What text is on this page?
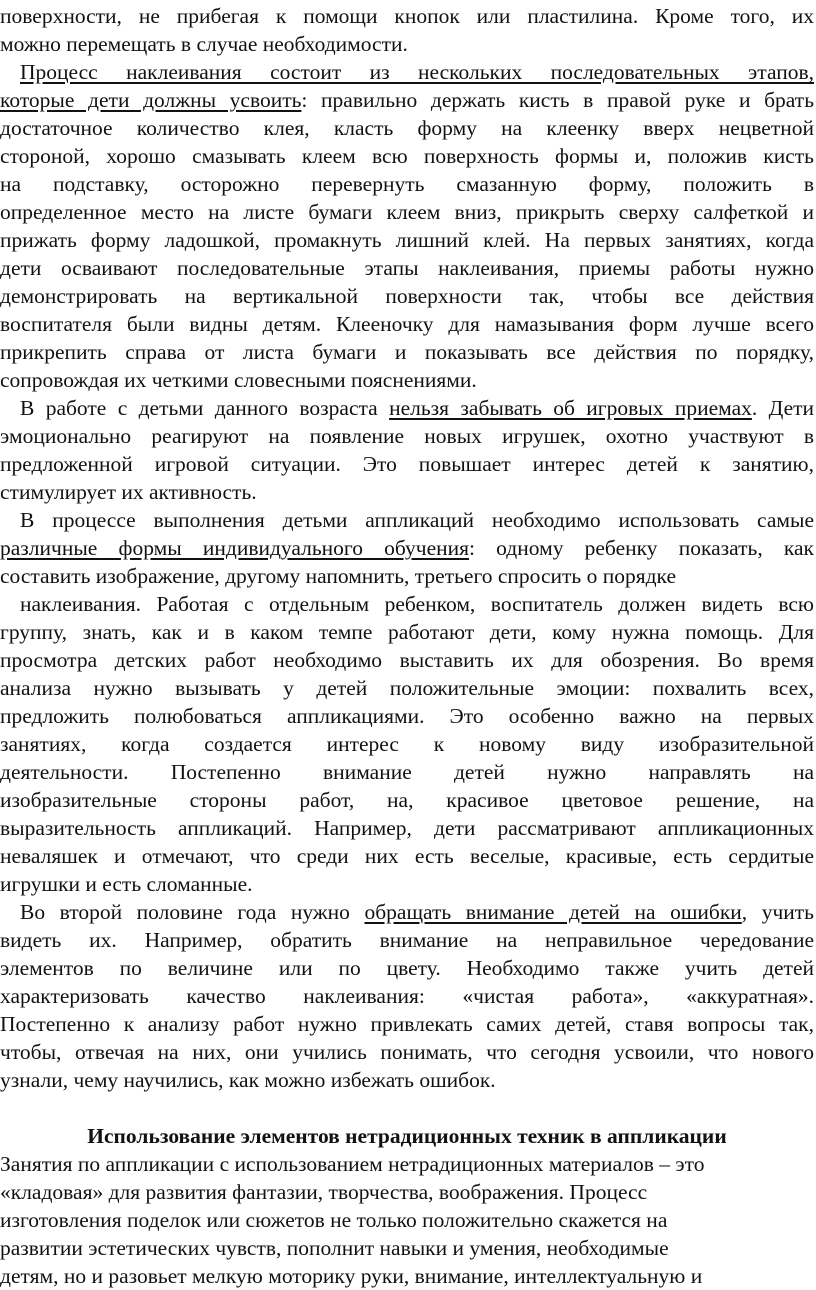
поверхности, не прибегая к помощи кнопок или пластилина. Кроме того, их
можно перемещать в случае необходимости.
Процесс наклеивания состоит из нескольких последовательных этапов,
которые дети должны усвоить: правильно держать кисть в правой руке и брать
достаточное количество клея, класть форму на клеенку вверх нецветной
стороной, хорошо смазывать клеем всю поверхность формы и, положив кисть
на подставку, осторожно перевернуть смазанную форму, положить в
определенное место на листе бумаги клеем вниз, прикрыть сверху салфеткой и
прижать форму ладошкой, промакнуть лишний клей. На первых занятиях, когда
дети осваивают последовательные этапы наклеивания, приемы работы нужно
демонстрировать на вертикальной поверхности так, чтобы все действия
воспитателя были видны детям. Клееночку для намазывания форм лучше всего
прикрепить справа от листа бумаги и показывать все действия по порядку,
сопровождая их четкими словесными пояснениями.
В работе с детьми данного возраста нельзя забывать об игровых приемах. Дети
эмоционально реагируют на появление новых игрушек, охотно участвуют в
предложенной игровой ситуации. Это повышает интерес детей к занятию,
стимулирует их активность.
В процессе выполнения детьми аппликаций необходимо использовать самые
различные формы индивидуального обучения: одному ребенку показать, как
составить изображение, другому напомнить, третьего спросить о порядке
наклеивания. Работая с отдельным ребенком, воспитатель должен видеть всю
группу, знать, как и в каком темпе работают дети, кому нужна помощь. Для
просмотра детских работ необходимо выставить их для обозрения. Во время
анализа нужно вызывать у детей положительные эмоции: похвалить всех,
предложить полюбоваться аппликациями. Это особенно важно на первых
занятиях, когда создается интерес к новому виду изобразительной
деятельности. Постепенно внимание детей нужно направлять на
изобразительные стороны работ, на, красивое цветовое решение, на
выразительность аппликаций. Например, дети рассматривают аппликационных
неваляшек и отмечают, что среди них есть веселые, красивые, есть сердитые
игрушки и есть сломанные.
Во второй половине года нужно обращать внимание детей на ошибки, учить
видеть их. Например, обратить внимание на неправильное чередование
элементов по величине или по цвету. Необходимо также учить детей
характеризовать качество наклеивания: «чистая работа», «аккуратная».
Постепенно к анализу работ нужно привлекать самих детей, ставя вопросы так,
чтобы, отвечая на них, они учились понимать, что сегодня усвоили, что нового
узнали, чему научились, как можно избежать ошибок.
Использование элементов нетрадиционных техник в аппликации
Занятия по аппликации с использованием нетрадиционных материалов – это
«кладовая» для развития фантазии, творчества, воображения. Процесс
изготовления поделок или сюжетов не только положительно скажется на
развитии эстетических чувств, пополнит навыки и умения, необходимые
детям, но и разовьет мелкую моторику руки, внимание, интеллектуальную и
